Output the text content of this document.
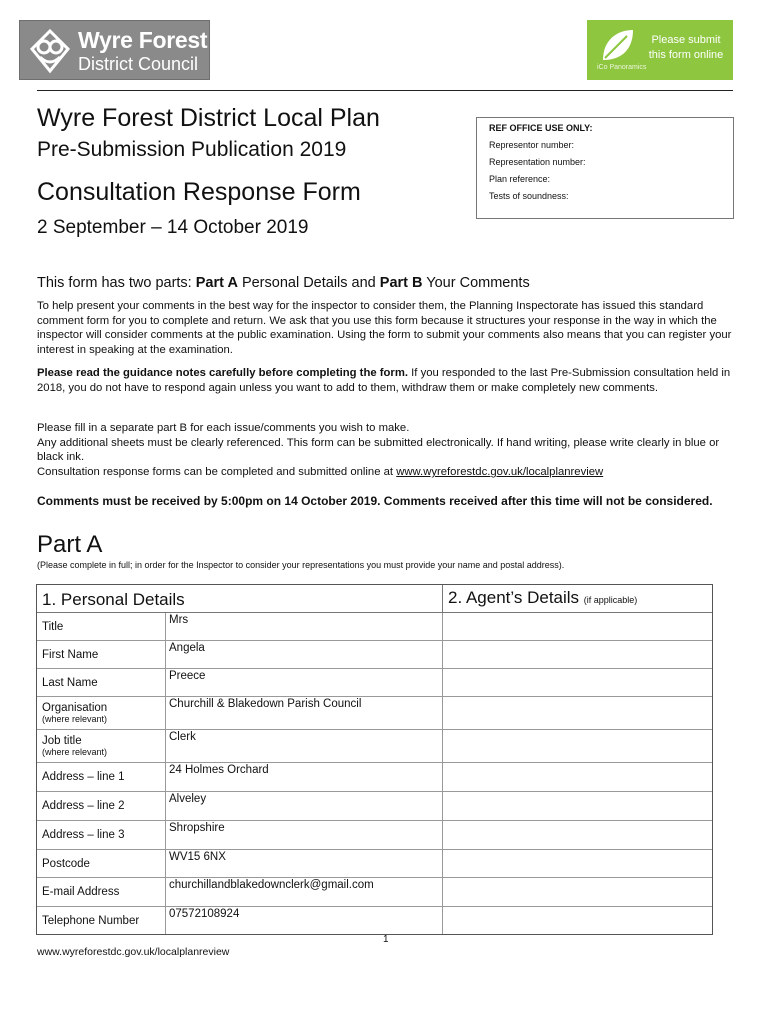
Wyre Forest
District Council	iCo Panoramics
Please submit this form online
Wyre Forest District Local Plan
Pre-Submission Publication 2019
Consultation Response Form
2 September – 14 October 2019
REF OFFICE USE ONLY:
Representor number:
Representation number:
Plan reference:
Tests of soundness:
This form has two parts: Part A Personal Details and Part B Your Comments
To help present your comments in the best way for the inspector to consider them, the Planning Inspectorate has issued this standard comment form for you to complete and return. We ask that you use this form because it structures your response in the way in which the inspector will consider comments at the public examination. Using the form to submit your comments also means that you can register your interest in speaking at the examination.
Please read the guidance notes carefully before completing the form. If you responded to the last Pre-Submission consultation held in 2018, you do not have to respond again unless you want to add to them, withdraw them or make completely new comments.
Please fill in a separate part B for each issue/comments you wish to make.
Any additional sheets must be clearly referenced. This form can be submitted electronically. If hand writing, please write clearly in blue or black ink.
Consultation response forms can be completed and submitted online at www.wyreforestdc.gov.uk/localplanreview
Comments must be received by 5:00pm on 14 October 2019. Comments received after this time will not be considered.
Part A
(Please complete in full; in order for the Inspector to consider your representations you must provide your name and postal address).
1. Personal Details	2. Agent’s Details (if applicable)
Title
Mrs
First Name
Angela
Last Name
Preece
Organisation
(where relevant)
Churchill & Blakedown Parish Council
Job title
(where relevant)
Clerk
Address – line 1
24 Holmes Orchard
Address – line 2
Alveley
Address – line 3
Shropshire
Postcode
WV15 6NX
E-mail Address
churchillandblakedownclerk@gmail.com
Telephone Number
07572108924
1
www.wyreforestdc.gov.uk/localplanreview
